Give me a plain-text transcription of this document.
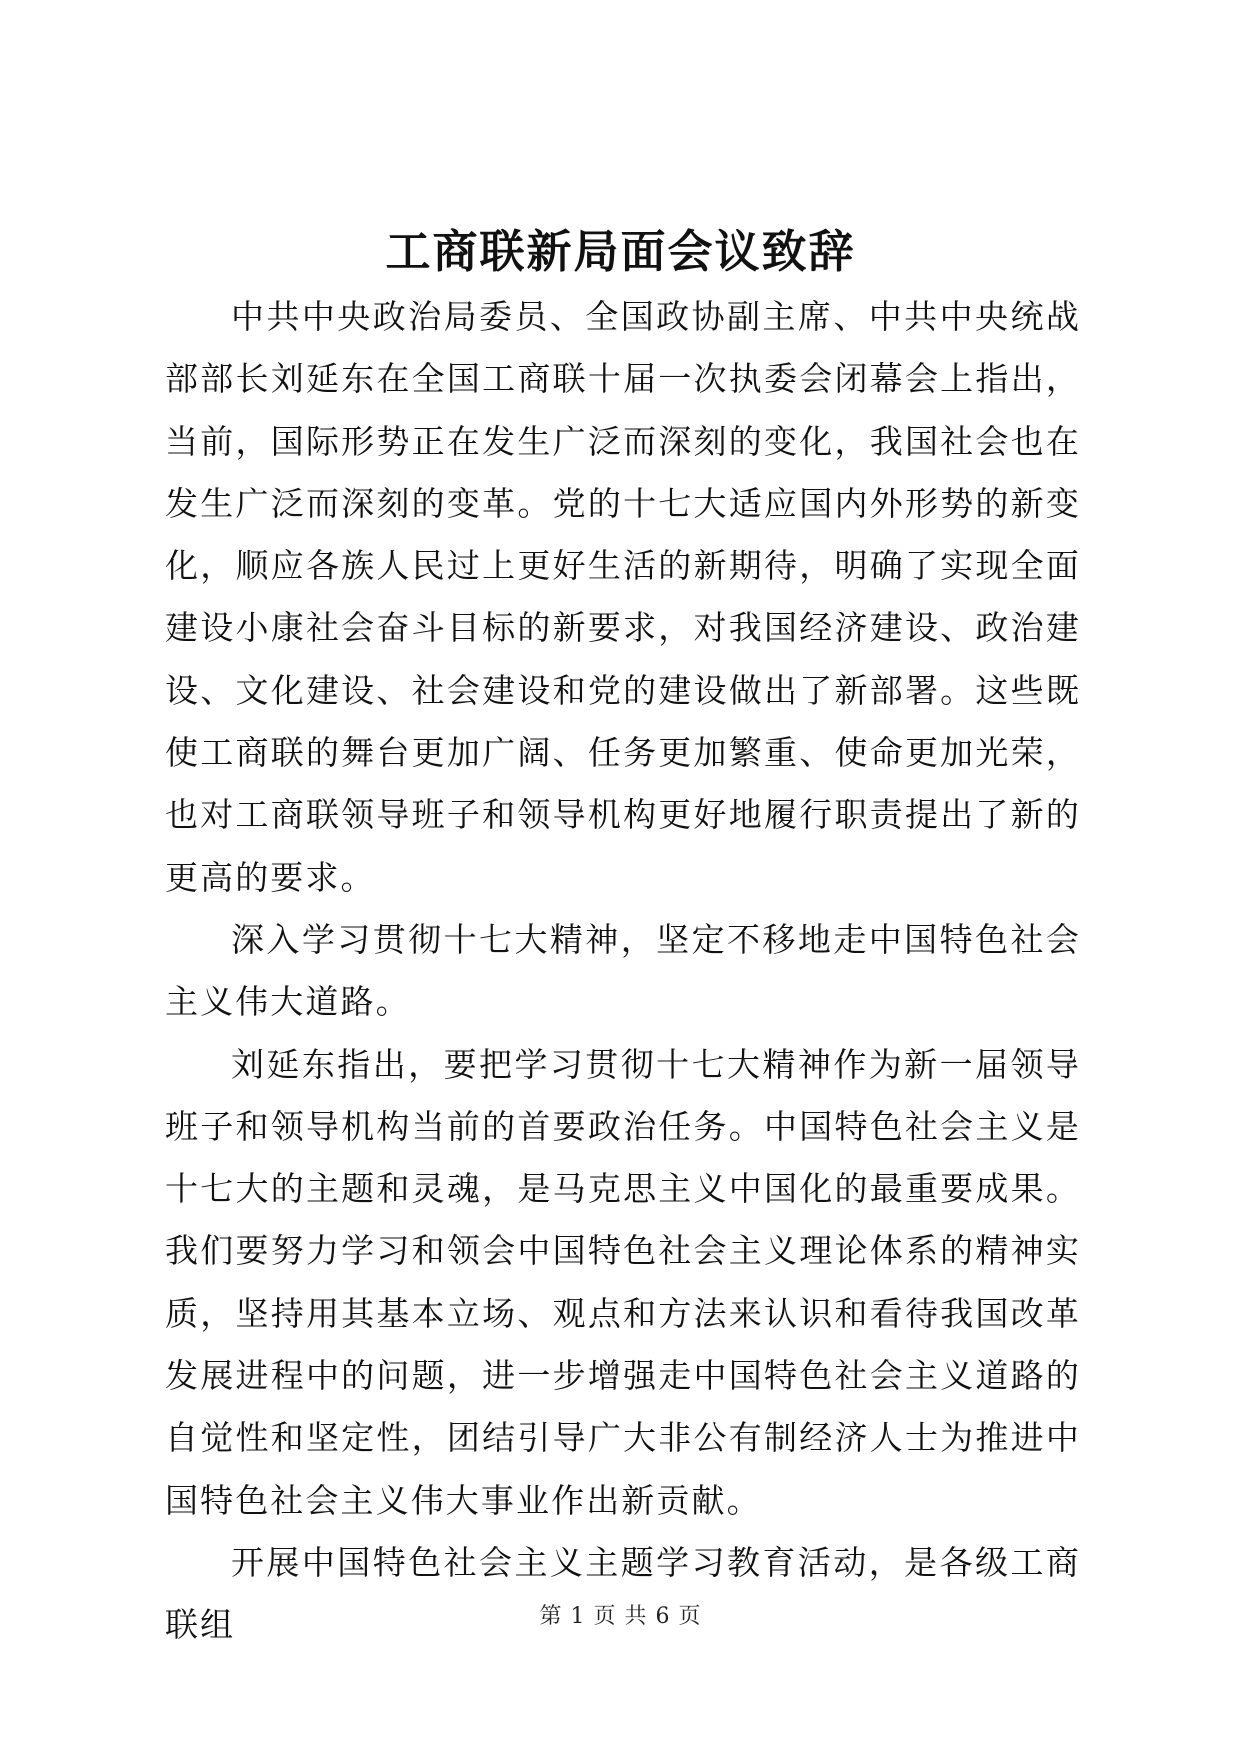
工商联新局面会议致辞

中共中央政治局委员、全国政协副主席、中共中央统战部部长刘延东在全国工商联十届一次执委会闭幕会上指出，当前，国际形势正在发生广泛而深刻的变化，我国社会也在发生广泛而深刻的变革。党的十七大适应国内外形势的新变化，顺应各族人民过上更好生活的新期待，明确了实现全面建设小康社会奋斗目标的新要求，对我国经济建设、政治建设、文化建设、社会建设和党的建设做出了新部署。这些既使工商联的舞台更加广阔、任务更加繁重、使命更加光荣，也对工商联领导班子和领导机构更好地履行职责提出了新的更高的要求。

深入学习贯彻十七大精神，坚定不移地走中国特色社会主义伟大道路。

刘延东指出，要把学习贯彻十七大精神作为新一届领导班子和领导机构当前的首要政治任务。中国特色社会主义是十七大的主题和灵魂，是马克思主义中国化的最重要成果。我们要努力学习和领会中国特色社会主义理论体系的精神实质，坚持用其基本立场、观点和方法来认识和看待我国改革发展进程中的问题，进一步增强走中国特色社会主义道路的自觉性和坚定性，团结引导广大非公有制经济人士为推进中国特色社会主义伟大事业作出新贡献。

开展中国特色社会主义主题学习教育活动，是各级工商联组	第 1 页 共 6 页
